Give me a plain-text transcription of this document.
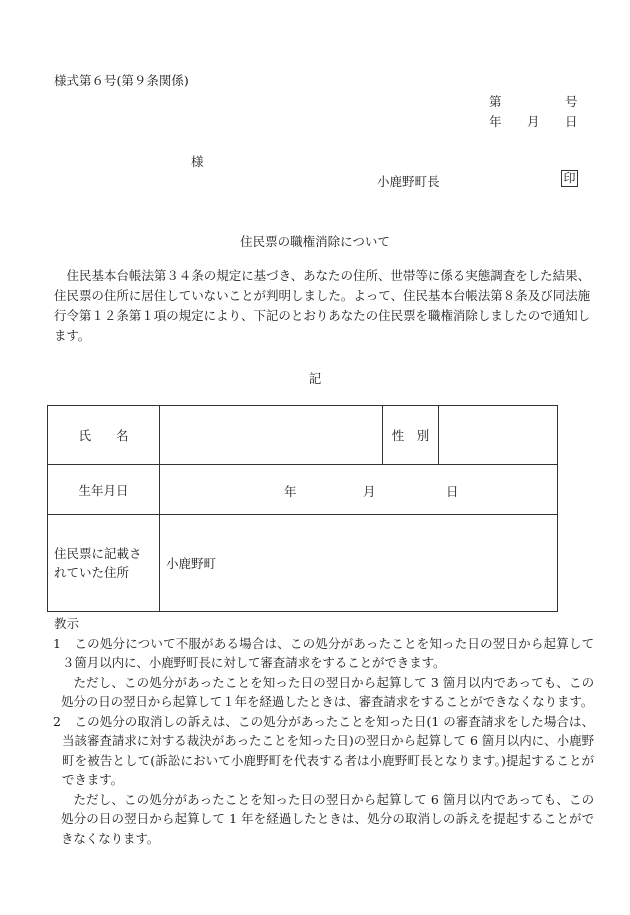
様式第６号(第９条関係)
第	号
年 月 日
様
小鹿野町長	印
住民票の職権消除について

住民基本台帳法第３４条の規定に基づき、あなたの住所、世帯等に係る実態調査をした結果、住民票の住所に居住していないことが判明しました。よって、住民基本台帳法第８条及び同法施行令第１２条第１項の規定により、下記のとおりあなたの住民票を職権消除しましたので通知します。

記
氏　　名		性　別	
生年月日	年 月 日		

住民票に記載されていた住所	小鹿野町		
教示
1	この処分について不服がある場合は、この処分があったことを知った日の翌日から起算して３箇月以内に、小鹿野町長に対して審査請求をすることができます。
ただし、この処分があったことを知った日の翌日から起算して 3 箇月以内であっても、この処分の日の翌日から起算して１年を経過したときは、審査請求をすることができなくなります。
2	この処分の取消しの訴えは、この処分があったことを知った日(1 の審査請求をした場合は、当該審査請求に対する裁決があったことを知った日)の翌日から起算して 6 箇月以内に、小鹿野町を被告として(訴訟において小鹿野町を代表する者は小鹿野町長となります。)提起することができます。
ただし、この処分があったことを知った日の翌日から起算して 6 箇月以内であっても、この処分の日の翌日から起算して 1 年を経過したときは、処分の取消しの訴えを提起することができなくなります。
